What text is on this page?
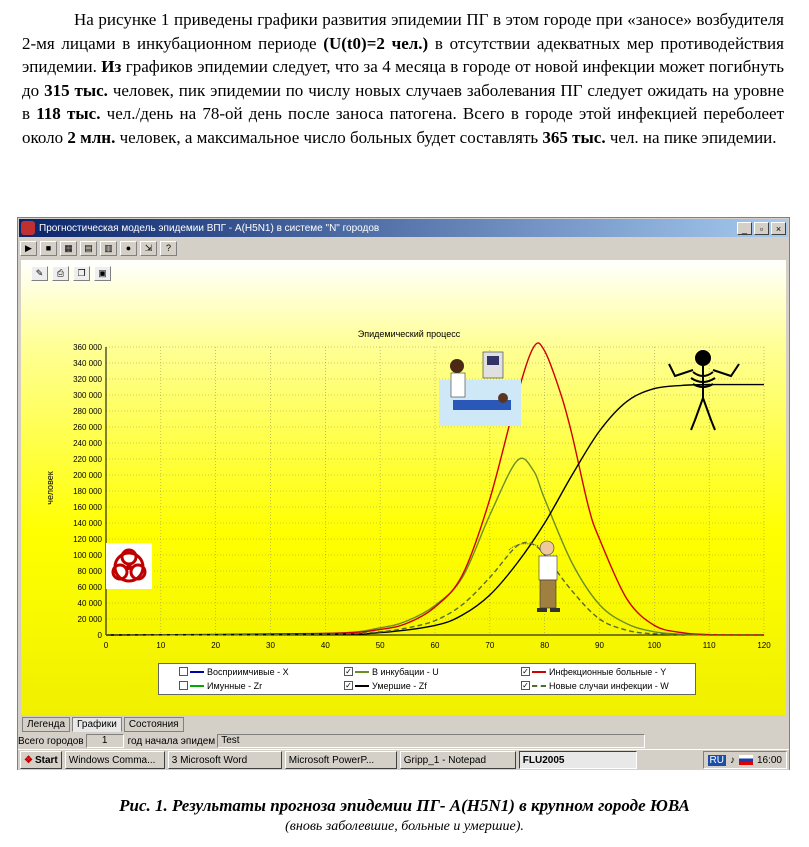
На рисунке 1 приведены графики развития эпидемии ПГ в этом городе при «заносе» возбудителя 2-мя лицами в инкубационном периоде (U(t0)=2 чел.) в отсутствии адекватных мер противодействия эпидемии. Из графиков эпидемии следует, что за 4 месяца в городе от новой инфекции может погибнуть до 315 тыс. человек, пик эпидемии по числу новых случаев заболевания ПГ следует ожидать на уровне в 118 тыс. чел./день на 78-ой день после заноса патогена. Всего в городе этой инфекцией переболеет около 2 млн. человек, а максимальное число больных будет составлять 365 тыс. чел. на пике эпидемии.

Прогностическая модель эпидемии ВПГ - A(H5N1) в системе "N" городов	_	▫	×
▶	■	▦	▤	▥	●	⇲	?
✎	⎙	❐	▣
Эпидемический процесс
человек
0	10	20	30	40	50	60	70	80	90	100	110	120
0
20 000
40 000
60 000
80 000
100 000
120 000
140 000
160 000
180 000
200 000
220 000
240 000
260 000
280 000
300 000
320 000
340 000
360 000
Восприимчивые - X	✓ В инкубации - U	✓ Инфекционные больные - Y
Имунные - Zr	✓ Умершие - Zf	✓ Новые случаи инфекции - W
Легенда	Графики	Состояния
Всего городов	1	год начала эпидем Test
❖ Start	Windows Comma...	3 Microsoft Word	Microsoft PowerP...	Gripp_1 - Notepad	FLU2005	RU ♪ 16:00
Рис. 1. Результаты прогноза эпидемии ПГ- A(H5N1) в крупном городе ЮВА
(вновь заболевшие, больные и умершие).
